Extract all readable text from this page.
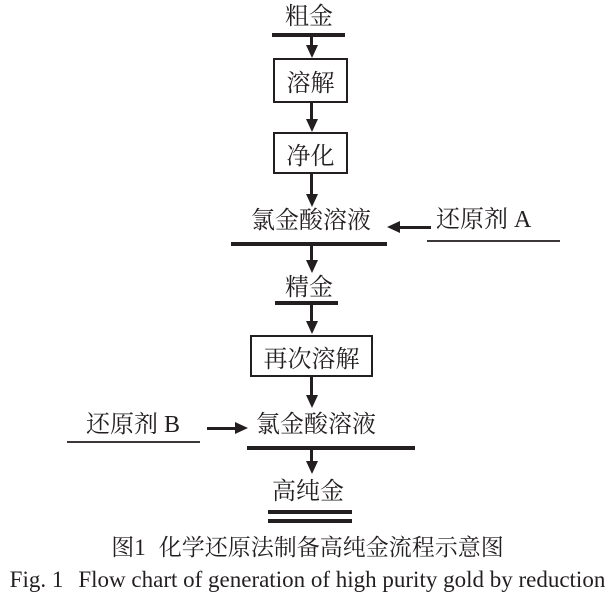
粗金
溶解
净化
氯金酸溶液	还原剂 A
精金
再次溶解
还原剂 B	氯金酸溶液
高纯金
图1 化学还原法制备高纯金流程示意图
Fig. 1 Flow chart of generation of high purity gold by reduction
